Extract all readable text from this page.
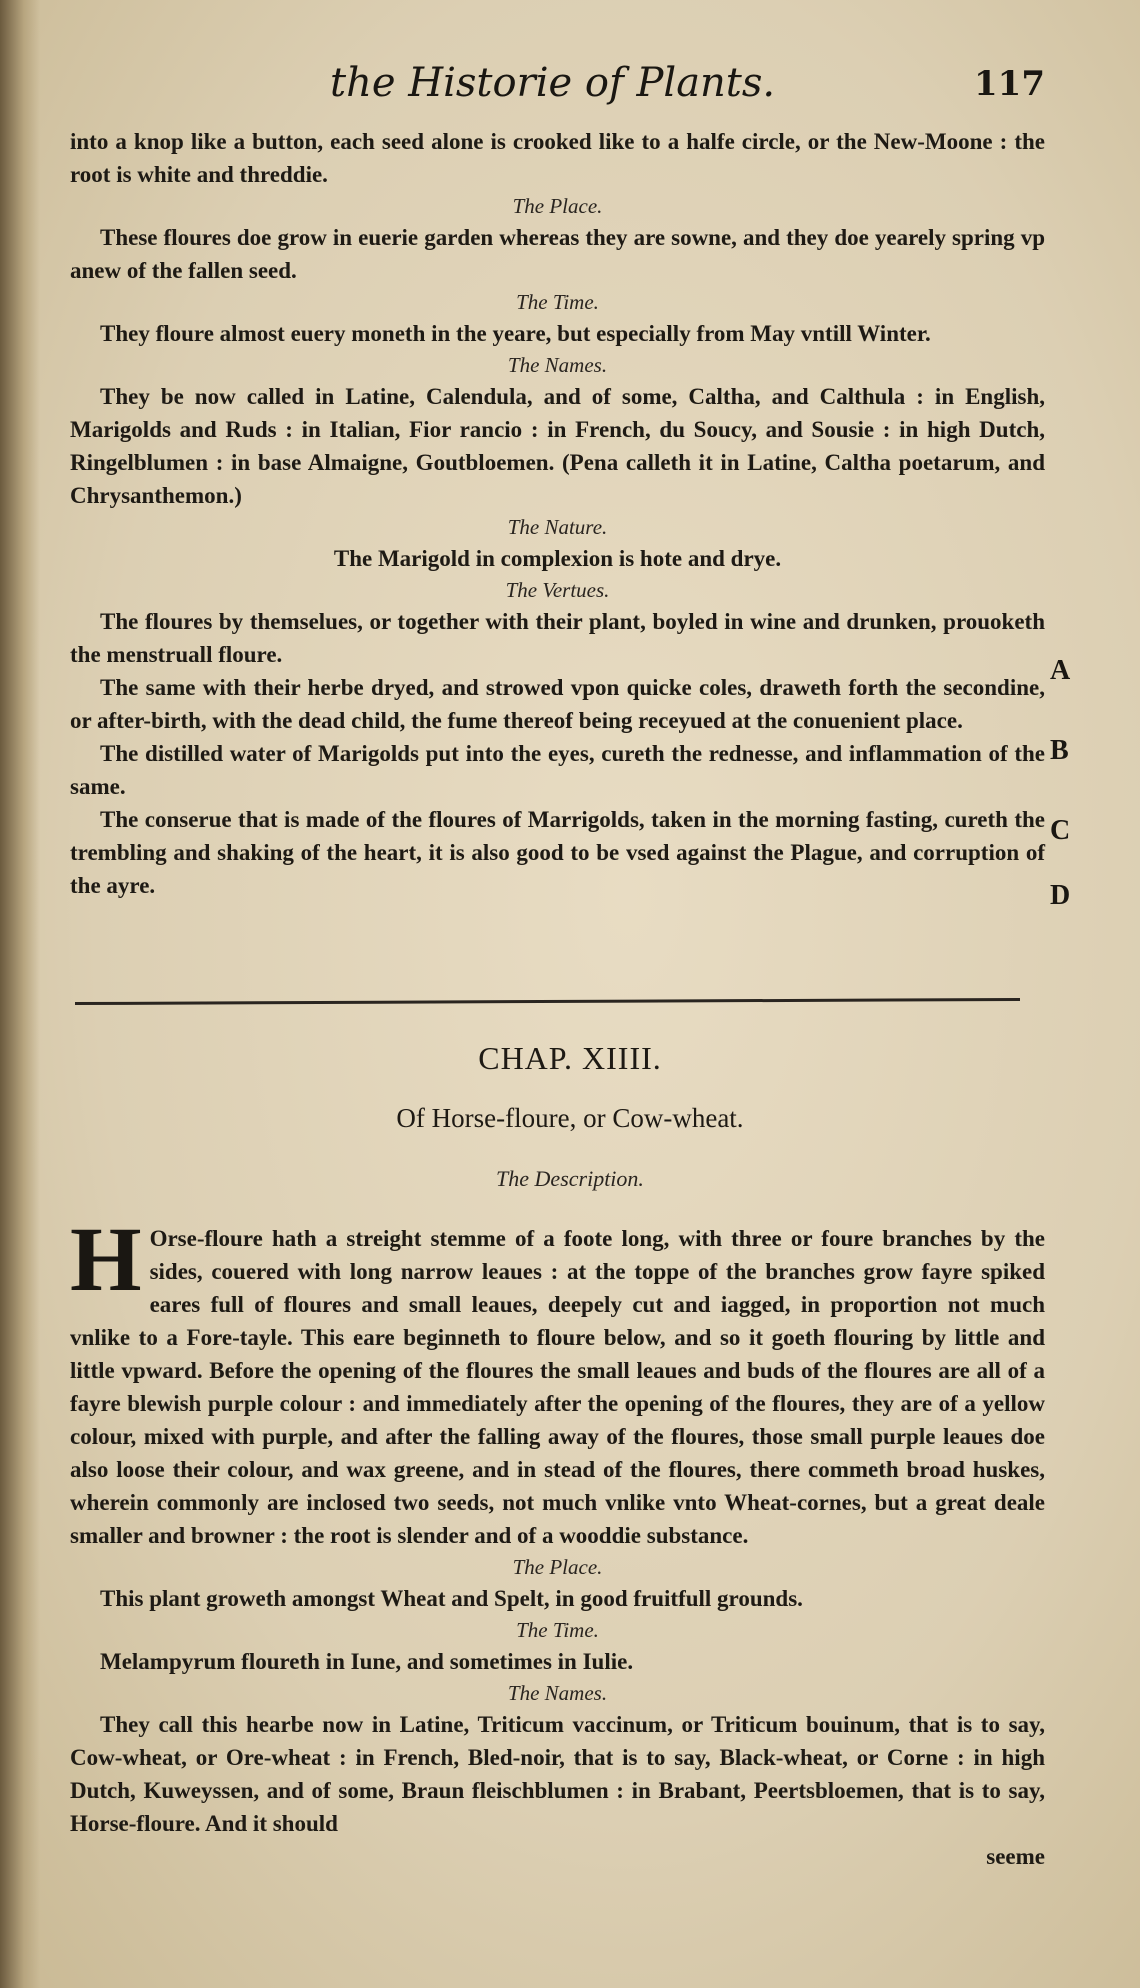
the Historie of Plants.	117

into a knop like a button, each seed alone is crooked like to a halfe circle, or the New-Moone : the root is white and threddie.

The Place.

These floures doe grow in euerie garden whereas they are sowne, and they doe yearely spring vp anew of the fallen seed.

The Time.

They floure almost euery moneth in the yeare, but especially from May vntill Winter.

The Names.

They be now called in Latine, Calendula, and of some, Caltha, and Calthula : in English, Marigolds and Ruds : in Italian, Fior rancio : in French, du Soucy, and Sousie : in high Dutch, Ringelblumen : in base Almaigne, Goutbloemen. (Pena calleth it in Latine, Caltha poetarum, and Chrysanthemon.)

The Nature.

The Marigold in complexion is hote and drye.

The Vertues.

The floures by themselues, or together with their plant, boyled in wine and drunken, prouoketh the menstruall floure.

The same with their herbe dryed, and strowed vpon quicke coles, draweth forth the secondine, or after-birth, with the dead child, the fume thereof being receyued at the conuenient place.

The distilled water of Marigolds put into the eyes, cureth the rednesse, and inflammation of the same.

The conserue that is made of the floures of Marrigolds, taken in the morning fasting, cureth the trembling and shaking of the heart, it is also good to be vsed against the Plague, and corruption of the ayre.

A
B
C
D
CHAP. XIIII.
Of Horse-floure, or Cow-wheat.
The Description.

H Orse-floure hath a streight stemme of a foote long, with three or foure branches by the sides, couered with long narrow leaues : at the toppe of the branches grow fayre spiked eares full of floures and small leaues, deepely cut and iagged, in proportion not much vnlike to a Fore-tayle. This eare beginneth to floure below, and so it goeth flouring by little and little vpward. Before the opening of the floures the small leaues and buds of the floures are all of a fayre blewish purple colour : and immediately after the opening of the floures, they are of a yellow colour, mixed with purple, and after the falling away of the floures, those small purple leaues doe also loose their colour, and wax greene, and in stead of the floures, there commeth broad huskes, wherein commonly are inclosed two seeds, not much vnlike vnto Wheat-cornes, but a great deale smaller and browner : the root is slender and of a wooddie substance.

The Place.

This plant groweth amongst Wheat and Spelt, in good fruitfull grounds.

The Time.

Melampyrum floureth in Iune, and sometimes in Iulie.

The Names.

They call this hearbe now in Latine, Triticum vaccinum, or Triticum bouinum, that is to say, Cow-wheat, or Ore-wheat : in French, Bled-noir, that is to say, Black-wheat, or Corne : in high Dutch, Kuweyssen, and of some, Braun fleischblumen : in Brabant, Peertsbloemen, that is to say, Horse-floure. And it should

seeme
